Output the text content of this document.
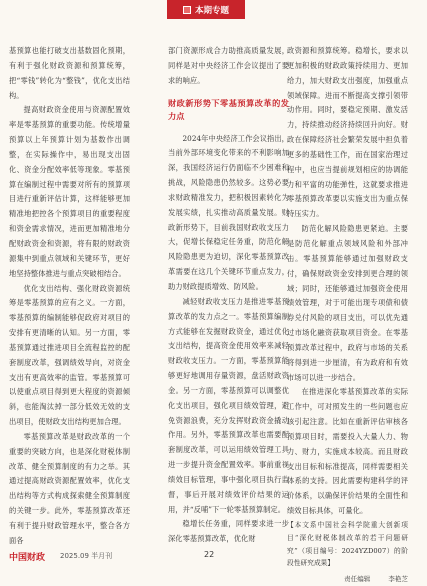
本期专题

基预算也能打破支出基数固化预期，有利于强化财政资源和预算统筹，把“零钱”转化为“整钱”，优化支出结构。

提高财政资金使用与资源配置效率是零基预算的重要功能。传统增量预算以上年预算计划为基数作出调整，在实际操作中，易出现支出固化、资金分配效率低等现象。零基预算在编制过程中需要对所有的预算项目进行重新评估计算，这样能够更加精准地把控各个预算项目的重要程度和资金需求情况，进而更加精准地分配财政资金和资源，将有限的财政资源集中到重点领域和关键环节，更好地坚持整体推进与重点突破相结合。

优化支出结构、强化财政资源统筹是零基预算的应有之义。一方面，零基预算的编制能够促政府对项目的安排有更清晰的认知。另一方面，零基预算通过推进项目全流程监控的配套制度改革，强调绩效导向，对资金支出有更高效率的监管。零基预算可以使重点项目得到更大程度的资源倾斜，也能淘汰掉一部分低效无效的支出项目，使财政支出结构更加合理。

零基预算改革是财政改革的一个重要的突破方向，也是深化财税体制改革、健全预算制度的有力之举。其通过提高财政资源配置效率，优化支出结构等方式构成探索健全预算制度的关键一步。此外，零基预算改革还有利于提升财政管理水平，整合各方面各

部门资源形成合力助推高质量发展，同样是对中央经济工作会议提出了要求的响应。

财政新形势下零基预算改革的发力点

2024年中央经济工作会议指出，当前外部环境变化带来的不利影响加深，我国经济运行仍面临不少困难和挑战，风险隐患仍然较多。这势必要求财政精准发力，把积极因素转化为发展实绩，扎实推动高质量发展。财政新形势下，目前我国财政收支压力大，促增长保稳定任务重，防范化解风险隐患更为迫切，深化零基预算改革需要在这几个关键环节重点发力，助力财政提质增效、防风险。

减轻财政收支压力是推进零基预算改革的发力点之一。零基预算编制方式能够在发掘财政资金，通过优化支出结构，提高资金使用效率来减轻财政收支压力。一方面，零基预算能够更好地调用存量资源，盘活财政资金。另一方面，零基预算可以调整优化支出项目，强化项目绩效管理，避免资源浪费，充分发挥财政资金撬动作用。另外，零基预算改革也需要配套制度改革，可以运用绩效管理工具进一步提升资金配置效率。事前重视绩效目标管理，事中强化项目执行监督，事后开展对绩效评价结果的运用，并“反哺”下一轮零基预算制定。

稳增长任务重，同样要求进一步深化零基预算改革，优化财

政资源和预算统筹。稳增长，要求以更加积极的财政政策持续用力、更加给力，加大财政支出强度，加强重点领域保障。进而不断提高支撑引领带动作用。同时，要稳定预期、激发活力，持续推动经济持续回升向好。财政在保障经济社会繁荣发展中担负着更多的基础性工作，而在国家治理过程中，也应当提前规划相应的协调能力和平富的功能弹性，这就要求推进零基预算改革要以实施支出为重点保持压实力。

防范化解风险隐患更紧迫。主要是防范化解重点领域风险和外部冲击。零基预算能够通过加强财政支付，确保财政资金安排到更合理的领域；同时，还能够通过加强资金使用绩效管理，对于可能出现专项债和债券兑付风险的项目支出，可以优先通过市场化融资获取项目资金。在零基预算改革过程中，政府与市场的关系将得到进一步厘清，有为政府和有效市场可以进一步结合。

在推进深化零基预算改革的实际工作中，可对照发生的一些问题也应该引起注意。比如在重新评估审核各预算项目时，需要投入大量人力、物力、财力，实施成本较高。而且财政支出目标和标准提高，同样需要相关体系的支持。因此需要构建科学的评价体系，以确保评价结果的全面性和绩效目标具体，可量化。

【本文系中国社会科学院重大创新项目“深化财税体制改革的若干问题研究”（项目编号：2024YZD007）的阶段性研究成果】

责任编辑	李艳芝
中国财政 2025.09 半月刊	22
